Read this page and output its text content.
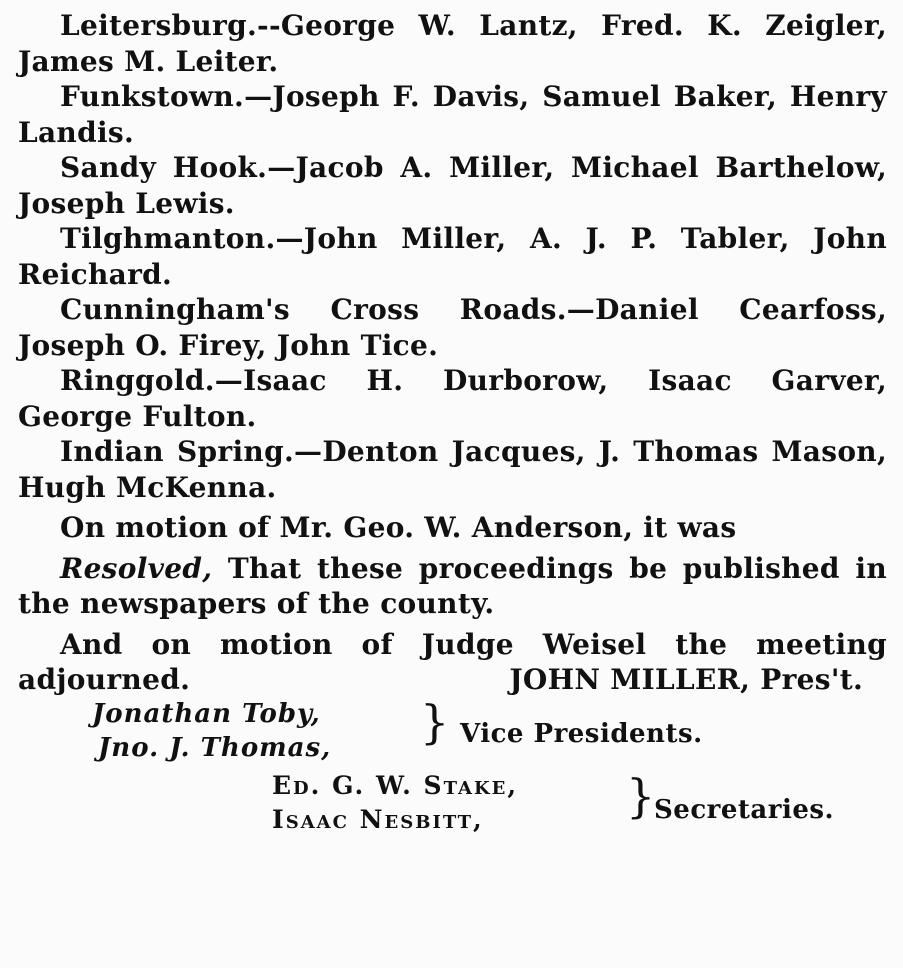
Leitersburg.--George W. Lantz, Fred. K. Zeigler, James M. Leiter.

Funkstown.—Joseph F. Davis, Samuel Baker, Henry Landis.

Sandy Hook.—Jacob A. Miller, Michael Barthelow, Joseph Lewis.

Tilghmanton.—John Miller, A. J. P. Tabler, John Reichard.

Cunningham's Cross Roads.—Daniel Cearfoss, Joseph O. Firey, John Tice.

Ringgold.—Isaac H. Durborow, Isaac Garver, George Fulton.

Indian Spring.—Denton Jacques, J. Thomas Mason, Hugh McKenna.

On motion of Mr. Geo. W. Anderson, it was

Resolved, That these proceedings be published in the newspapers of the county.

And on motion of Judge Weisel the meeting

adjourned.	JOHN MILLER, Pres't.
Jonathan Toby,
Jno. J. Thomas,	} Vice Presidents.
Ed. G. W. Stake,
Isaac Nesbitt,	}
Secretaries.
